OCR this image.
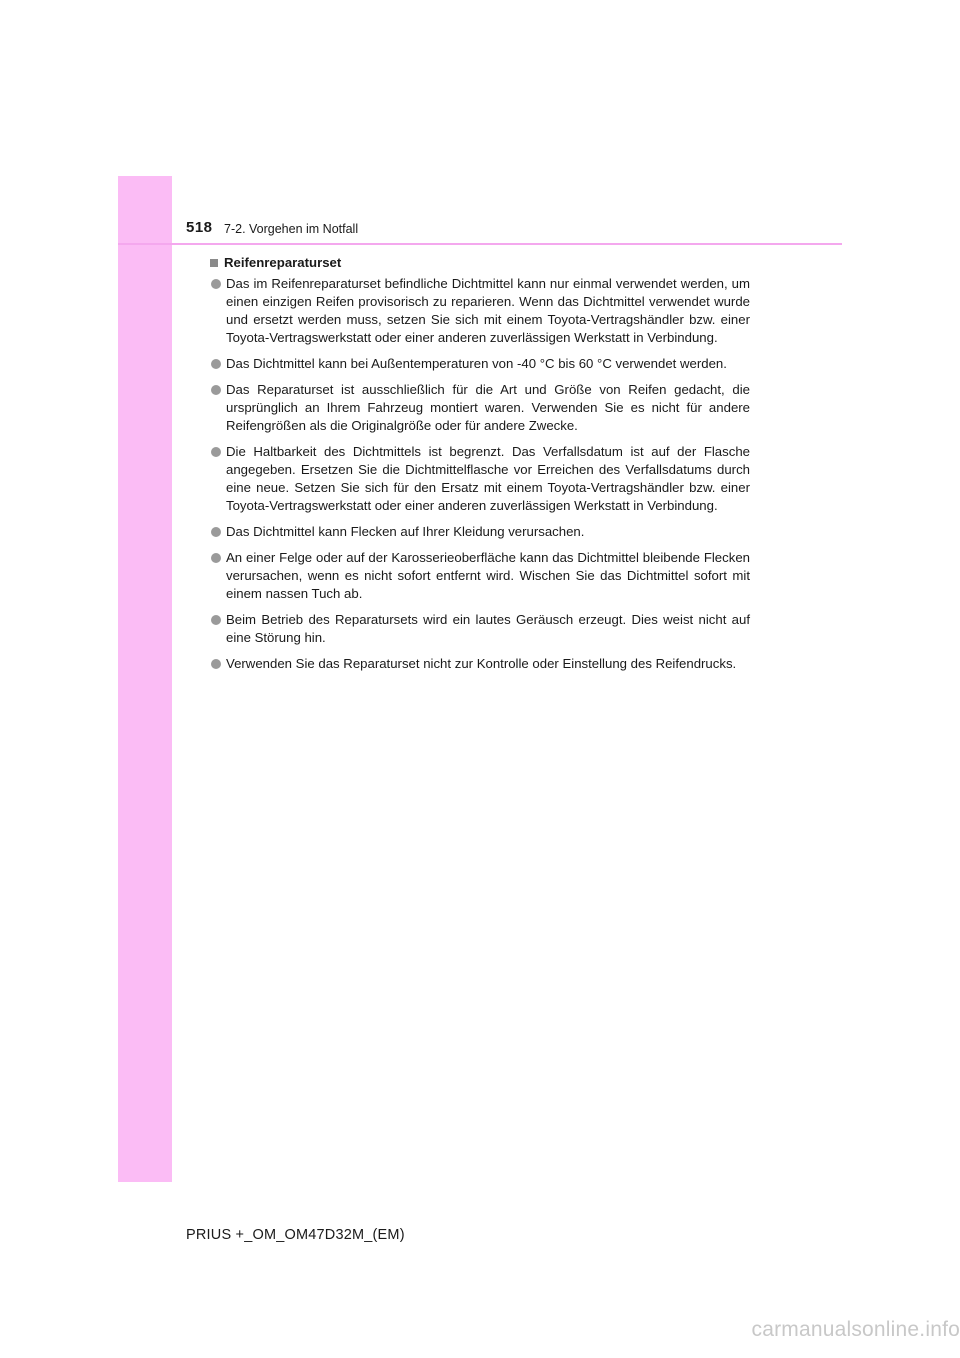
518 7-2. Vorgehen im Notfall
Reifenreparaturset
Das im Reifenreparaturset befindliche Dichtmittel kann nur einmal verwendet werden, um einen einzigen Reifen provisorisch zu reparieren. Wenn das Dichtmittel verwendet wurde und ersetzt werden muss, setzen Sie sich mit einem Toyota-Vertragshändler bzw. einer Toyota-Vertragswerkstatt oder einer anderen zuverlässigen Werkstatt in Verbindung.
Das Dichtmittel kann bei Außentemperaturen von -40 °C bis 60 °C verwendet werden.
Das Reparaturset ist ausschließlich für die Art und Größe von Reifen gedacht, die ursprünglich an Ihrem Fahrzeug montiert waren. Verwenden Sie es nicht für andere Reifengrößen als die Originalgröße oder für andere Zwecke.
Die Haltbarkeit des Dichtmittels ist begrenzt. Das Verfallsdatum ist auf der Flasche angegeben. Ersetzen Sie die Dichtmittelflasche vor Erreichen des Verfallsdatums durch eine neue. Setzen Sie sich für den Ersatz mit einem Toyota-Vertragshändler bzw. einer Toyota-Vertragswerkstatt oder einer anderen zuverlässigen Werkstatt in Verbindung.
Das Dichtmittel kann Flecken auf Ihrer Kleidung verursachen.
An einer Felge oder auf der Karosserieoberfläche kann das Dichtmittel bleibende Flecken verursachen, wenn es nicht sofort entfernt wird. Wischen Sie das Dichtmittel sofort mit einem nassen Tuch ab.
Beim Betrieb des Reparatursets wird ein lautes Geräusch erzeugt. Dies weist nicht auf eine Störung hin.
Verwenden Sie das Reparaturset nicht zur Kontrolle oder Einstellung des Reifendrucks.
PRIUS +_OM_OM47D32M_(EM)
carmanualsonline.info
